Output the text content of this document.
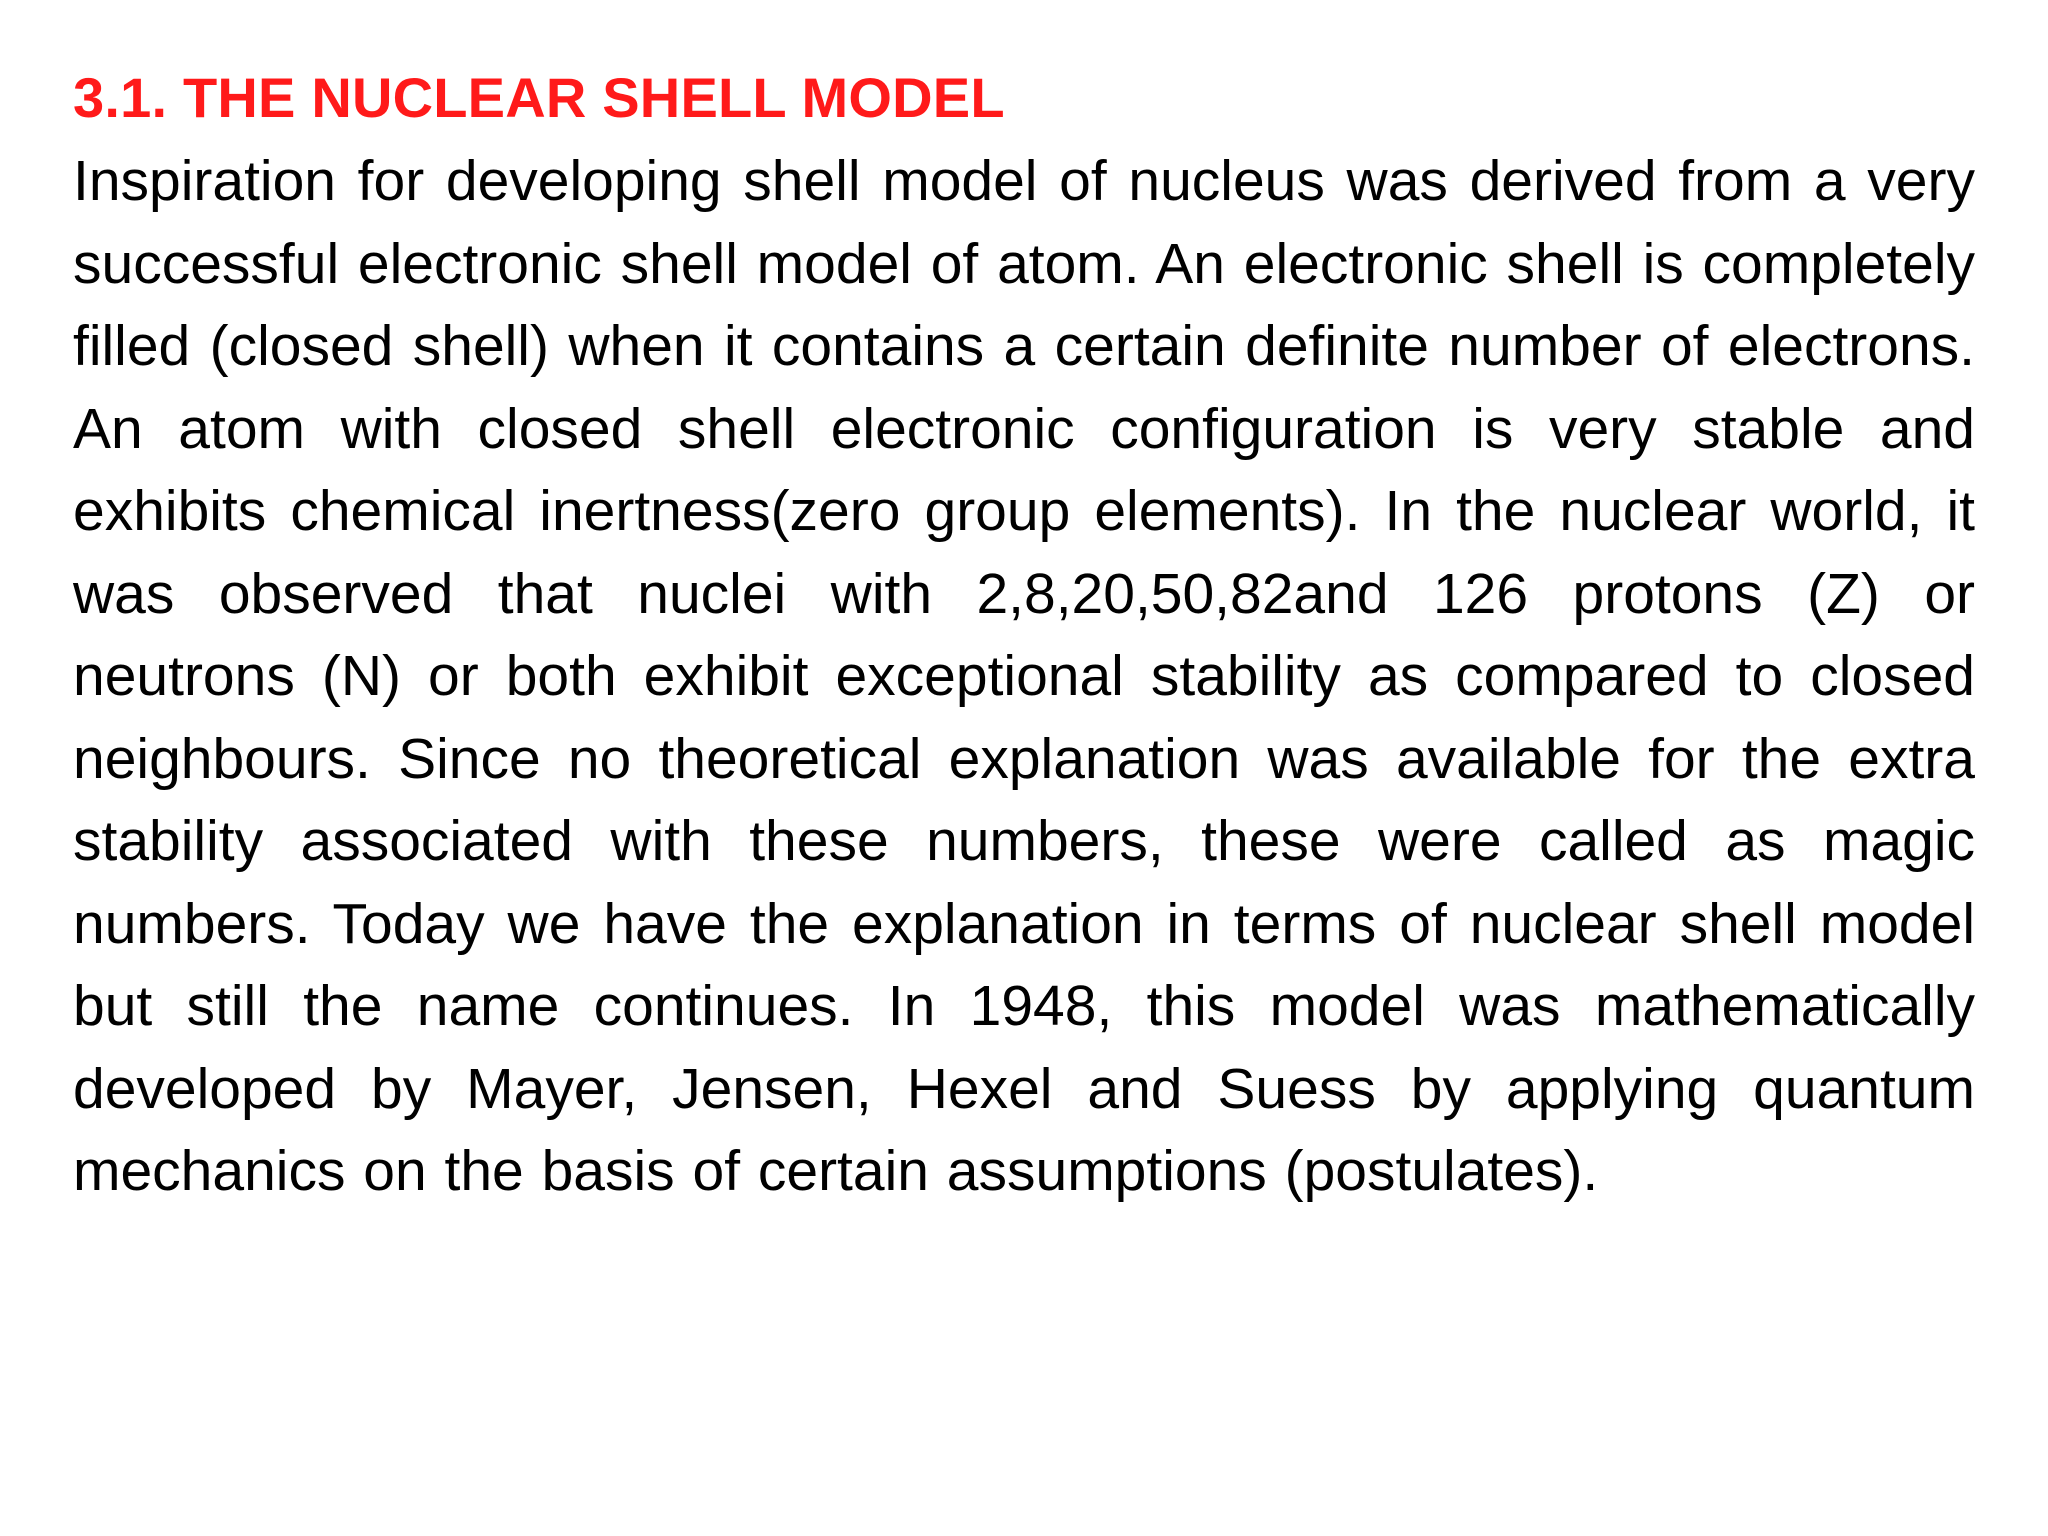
3.1. THE NUCLEAR SHELL MODEL

Inspiration for developing shell model of nucleus was derived from a very successful electronic shell model of atom. An electronic shell is completely filled (closed shell) when it contains a certain definite number of electrons. An atom with closed shell electronic configuration is very stable and exhibits chemical inertness(zero group elements). In the nuclear world, it was observed that nuclei with 2,8,20,50,82and 126 protons (Z) or neutrons (N) or both exhibit exceptional stability as compared to closed neighbours. Since no theoretical explanation was available for the extra stability associated with these numbers, these were called as magic numbers. Today we have the explanation in terms of nuclear shell model but still the name continues. In 1948, this model was mathematically developed by Mayer, Jensen, Hexel and Suess by applying quantum mechanics on the basis of certain assumptions (postulates).
